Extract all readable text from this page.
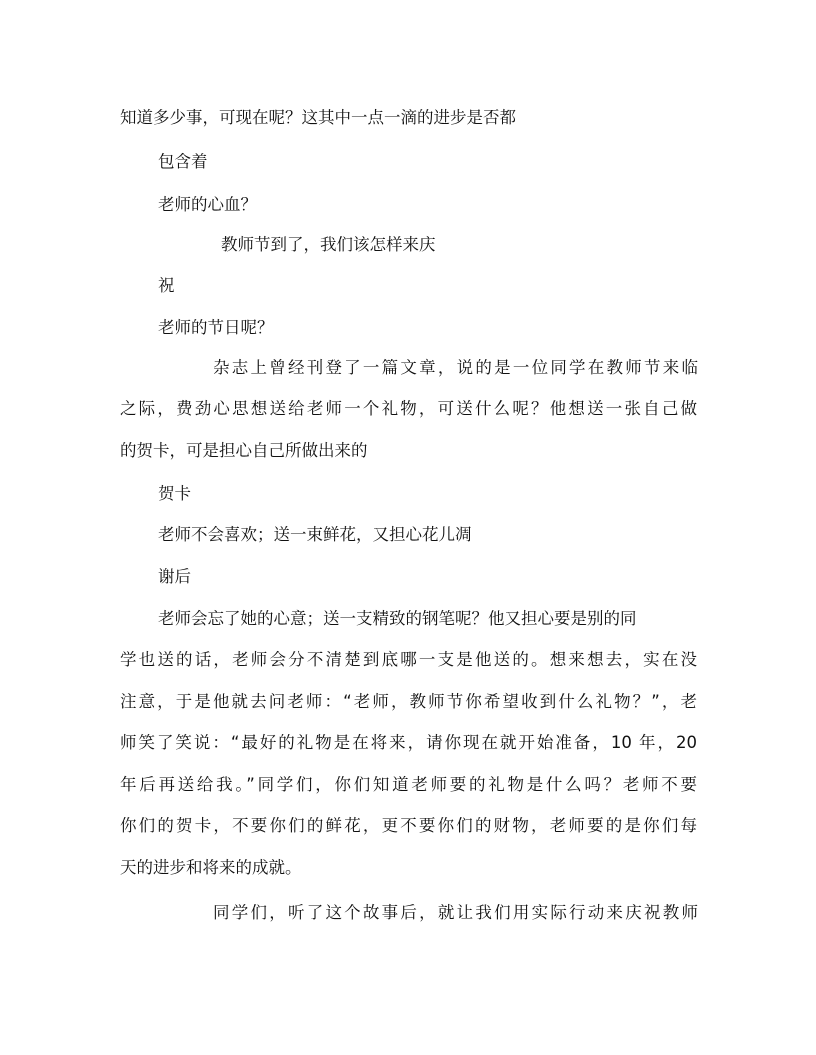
知道多少事，可现在呢？这其中一点一滴的进步是否都
包含着
老师的心血？
教师节到了，我们该怎样来庆
祝
老师的节日呢？
杂志上曾经刊登了一篇文章，说的是一位同学在教师节来临
之际，费劲心思想送给老师一个礼物，可送什么呢？他想送一张自己做
的贺卡，可是担心自己所做出来的
贺卡
老师不会喜欢；送一束鲜花，又担心花儿凋
谢后
老师会忘了她的心意；送一支精致的钢笔呢？他又担心要是别的同
学也送的话，老师会分不清楚到底哪一支是他送的。想来想去，实在没
注意，于是他就去问老师：“老师，教师节你希望收到什么礼物？”，老
师笑了笑说：“最好的礼物是在将来，请你现在就开始准备，10 年，20
年后再送给我。”同学们，你们知道老师要的礼物是什么吗？老师不要
你们的贺卡，不要你们的鲜花，更不要你们的财物，老师要的是你们每
天的进步和将来的成就。
同学们，听了这个故事后，就让我们用实际行动来庆祝教师
